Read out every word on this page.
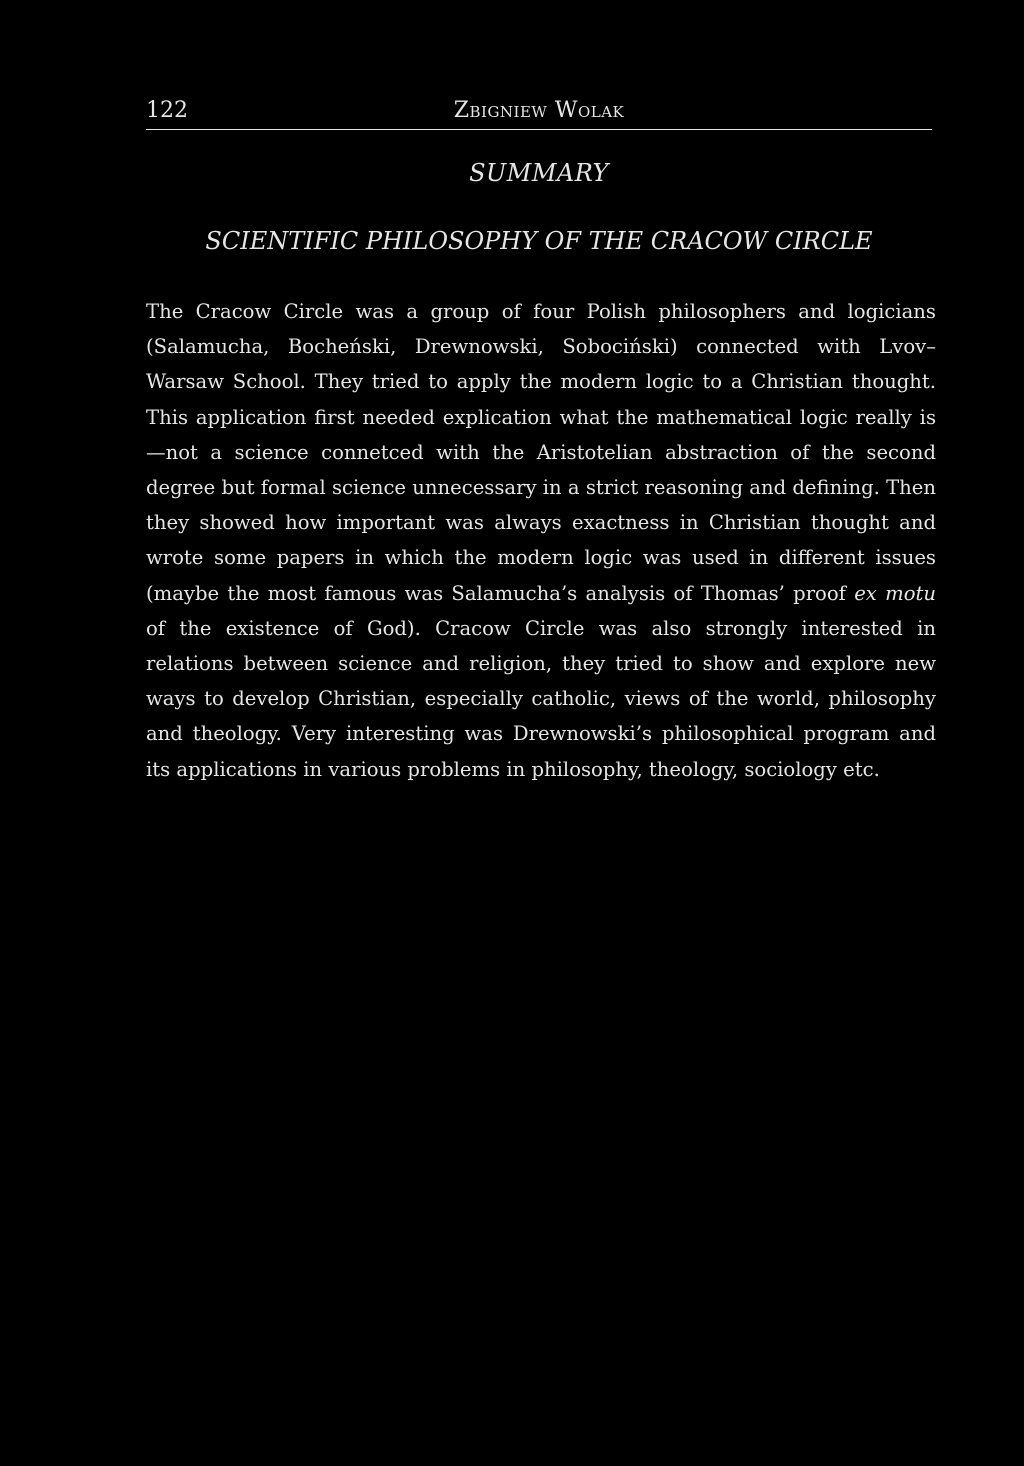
122	Zbigniew Wolak
SUMMARY
SCIENTIFIC PHILOSOPHY OF THE CRACOW CIRCLE

The Cracow Circle was a group of four Polish philosophers and logicians (Salamucha, Bocheński, Drewnowski, Sobociński) connected with Lvov–Warsaw School. They tried to apply the modern logic to a Christian thought. This application first needed explication what the mathematical logic really is—not a science connetced with the Aristotelian abstraction of the second degree but formal science unnecessary in a strict reasoning and defining. Then they showed how important was always exactness in Christian thought and wrote some papers in which the modern logic was used in different issues (maybe the most famous was Salamucha’s analysis of Thomas’ proof ex motu of the existence of God). Cracow Circle was also strongly interested in relations between science and religion, they tried to show and explore new ways to develop Christian, especially catholic, views of the world, philosophy and theology. Very interesting was Drewnowski’s philosophical program and its applications in various problems in philosophy, theology, sociology etc.
